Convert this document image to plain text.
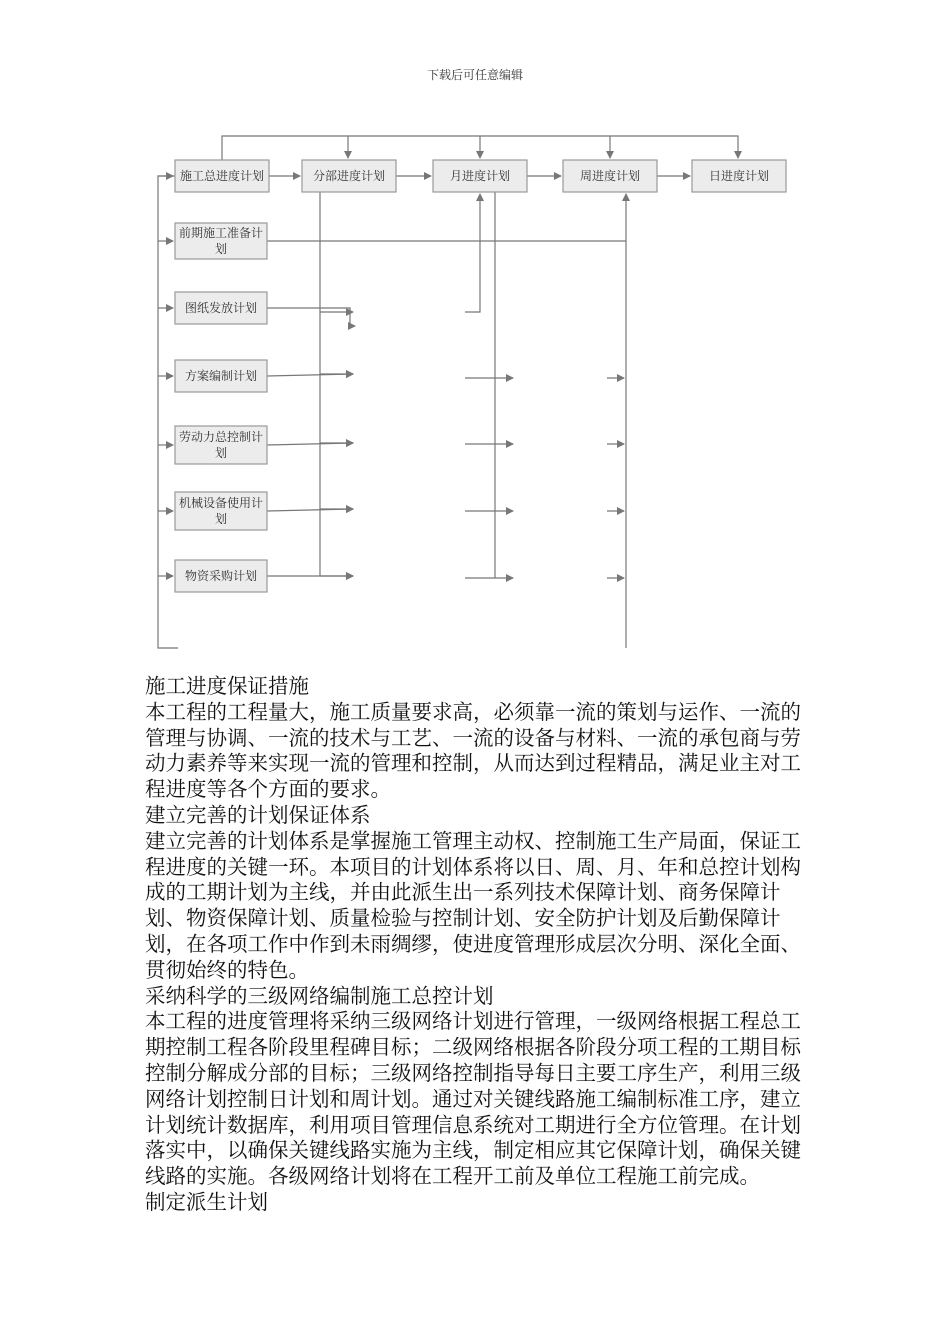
下载后可任意编辑
施工总进度计划	分部进度计划	月进度计划	周进度计划	日进度计划
前期施工准备计
划
图纸发放计划
方案编制计划
劳动力总控制计
划
机械设备使用计
划
物资采购计划

施工进度保证措施

本工程的工程量大，施工质量要求高，必须靠一流的策划与运作、一流的管理与协调、一流的技术与工艺、一流的设备与材料、一流的承包商与劳动力素养等来实现一流的管理和控制，从而达到过程精品，满足业主对工程进度等各个方面的要求。

建立完善的计划保证体系

建立完善的计划体系是掌握施工管理主动权、控制施工生产局面，保证工程进度的关键一环。本项目的计划体系将以日、周、月、年和总控计划构成的工期计划为主线，并由此派生出一系列技术保障计划、商务保障计划、物资保障计划、质量检验与控制计划、安全防护计划及后勤保障计划，在各项工作中作到未雨绸缪，使进度管理形成层次分明、深化全面、贯彻始终的特色。

采纳科学的三级网络编制施工总控计划

本工程的进度管理将采纳三级网络计划进行管理，一级网络根据工程总工期控制工程各阶段里程碑目标；二级网络根据各阶段分项工程的工期目标控制分解成分部的目标；三级网络控制指导每日主要工序生产，利用三级网络计划控制日计划和周计划。通过对关键线路施工编制标准工序，建立计划统计数据库，利用项目管理信息系统对工期进行全方位管理。在计划落实中，以确保关键线路实施为主线，制定相应其它保障计划，确保关键线路的实施。各级网络计划将在工程开工前及单位工程施工前完成。

制定派生计划
